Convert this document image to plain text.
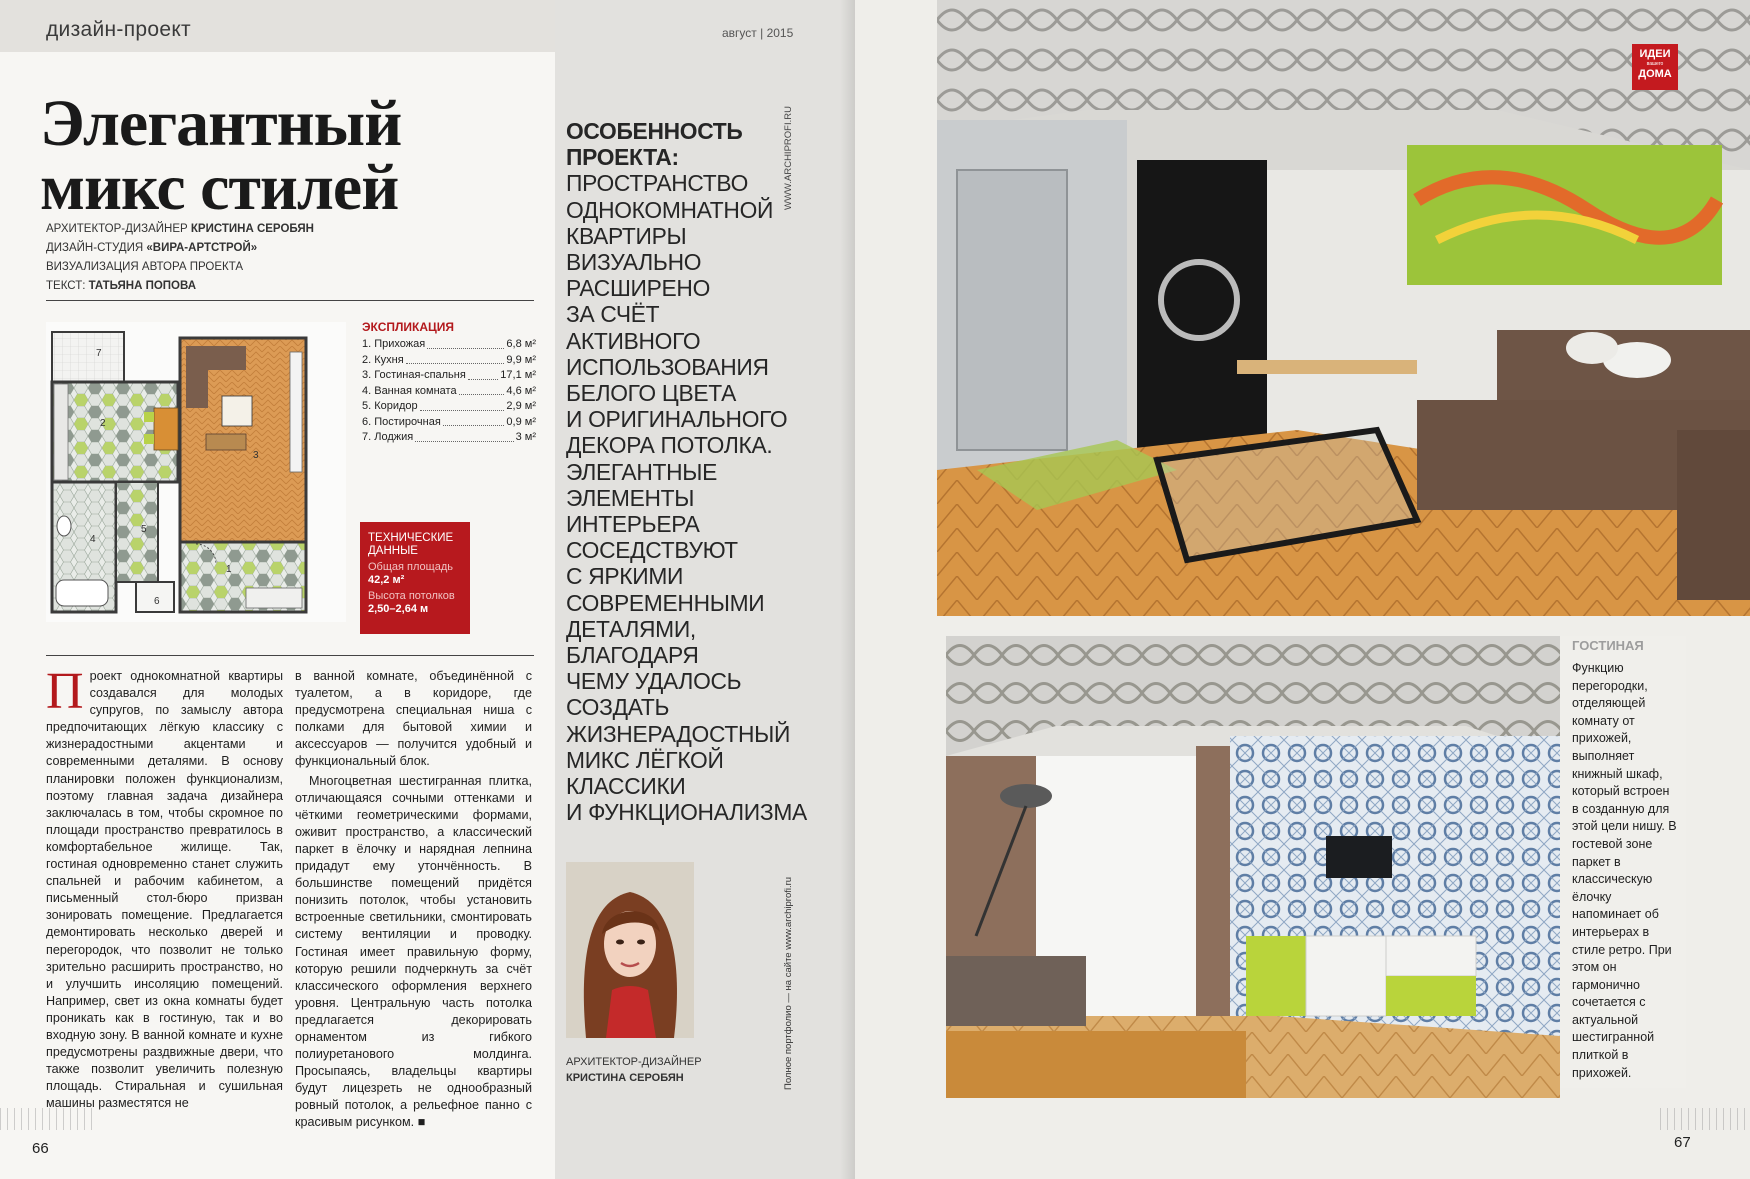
дизайн-проект	август | 2015
Элегантный
микс стилей
АРХИТЕКТОР-ДИЗАЙНЕР КРИСТИНА СЕРОБЯН
ДИЗАЙН-СТУДИЯ «ВИРА-АРТСТРОЙ»
ВИЗУАЛИЗАЦИЯ АВТОРА ПРОЕКТА
ТЕКСТ: ТАТЬЯНА ПОПОВА
7
2
3
4
5
6
1
ЭКСПЛИКАЦИЯ
1. Прихожая	6,8 м²
2. Кухня	9,9 м²
3. Гостиная-спальня	17,1 м²
4. Ванная комната	4,6 м²
5. Коридор	2,9 м²
6. Постирочная	0,9 м²
7. Лоджия	3 м²
ТЕХНИЧЕСКИЕ
ДАННЫЕ
Общая площадь
42,2 м²
Высота потолков
2,50–2,64 м
Проект однокомнатной квартиры создавался для молодых супругов, по замыслу автора предпочитающих лёгкую классику с жизнерадостными акцентами и современными деталями. В основу планировки положен функционализм, поэтому главная задача дизайнера заключалась в том, чтобы скромное по площади пространство превратилось в комфортабельное жилище. Так, гостиная одновременно станет служить спальней и рабочим кабинетом, а письменный стол-бюро призван зонировать помещение. Предлагается демонтировать несколько дверей и перегородок, что позволит не только зрительно расширить пространство, но и улучшить инсоляцию помещений. Например, свет из окна комнаты будет проникать как в гостиную, так и во входную зону. В ванной комнате и кухне предусмотрены раздвижные двери, что также позволит увеличить полезную площадь. Стиральная и сушильная машины разместятся не
в ванной комнате, объединённой с туалетом, а в коридоре, где предусмотрена специальная ниша с полками для бытовой химии и аксессуаров — получится удобный и функциональный блок.
Многоцветная шестигранная плитка, отличающаяся сочными оттенками и чёткими геометрическими формами, оживит пространство, а классический паркет в ёлочку и нарядная лепнина придадут ему утончённость. В большинстве помещений придётся понизить потолок, чтобы установить встроенные светильники, смонтировать систему вентиляции и проводку. Гостиная имеет правильную форму, которую решили подчеркнуть за счёт классического оформления верхнего уровня. Центральную часть потолка предлагается декорировать орнаментом из гибкого полиуретанового молдинга. Просыпаясь, владельцы квартиры будут лицезреть не однообразный ровный потолок, а рельефное панно с красивым рисунком. ■
ОСОБЕННОСТЬ
ПРОЕКТА:
ПРОСТРАНСТВО
ОДНОКОМНАТНОЙ
КВАРТИРЫ
ВИЗУАЛЬНО
РАСШИРЕНО
ЗА СЧЁТ
АКТИВНОГО
ИСПОЛЬЗОВАНИЯ
БЕЛОГО ЦВЕТА
И ОРИГИНАЛЬНОГО
ДЕКОРА ПОТОЛКА.
ЭЛЕГАНТНЫЕ
ЭЛЕМЕНТЫ
ИНТЕРЬЕРА
СОСЕДСТВУЮТ
С ЯРКИМИ
СОВРЕМЕННЫМИ
ДЕТАЛЯМИ,
БЛАГОДАРЯ
ЧЕМУ УДАЛОСЬ
СОЗДАТЬ
ЖИЗНЕРАДОСТНЫЙ
МИКС ЛЁГКОЙ
КЛАССИКИ
И ФУНКЦИОНАЛИЗМА
WWW.ARCHIPROFI.RU
Полное портфолио — на сайте www.archiprofi.ru
АРХИТЕКТОР-ДИЗАЙНЕР
КРИСТИНА СЕРОБЯН
66
ИДЕИ
вашего
ДОМА
ГОСТИНАЯ
Функцию перегородки, отделяющей комнату от прихожей, выполняет книжный шкаф, который встроен в созданную для этой цели нишу. В гостевой зоне паркет в классическую ёлочку напоминает об интерьерах в стиле ретро. При этом он гармонично сочетается с актуальной шестигранной плиткой в прихожей.
67
